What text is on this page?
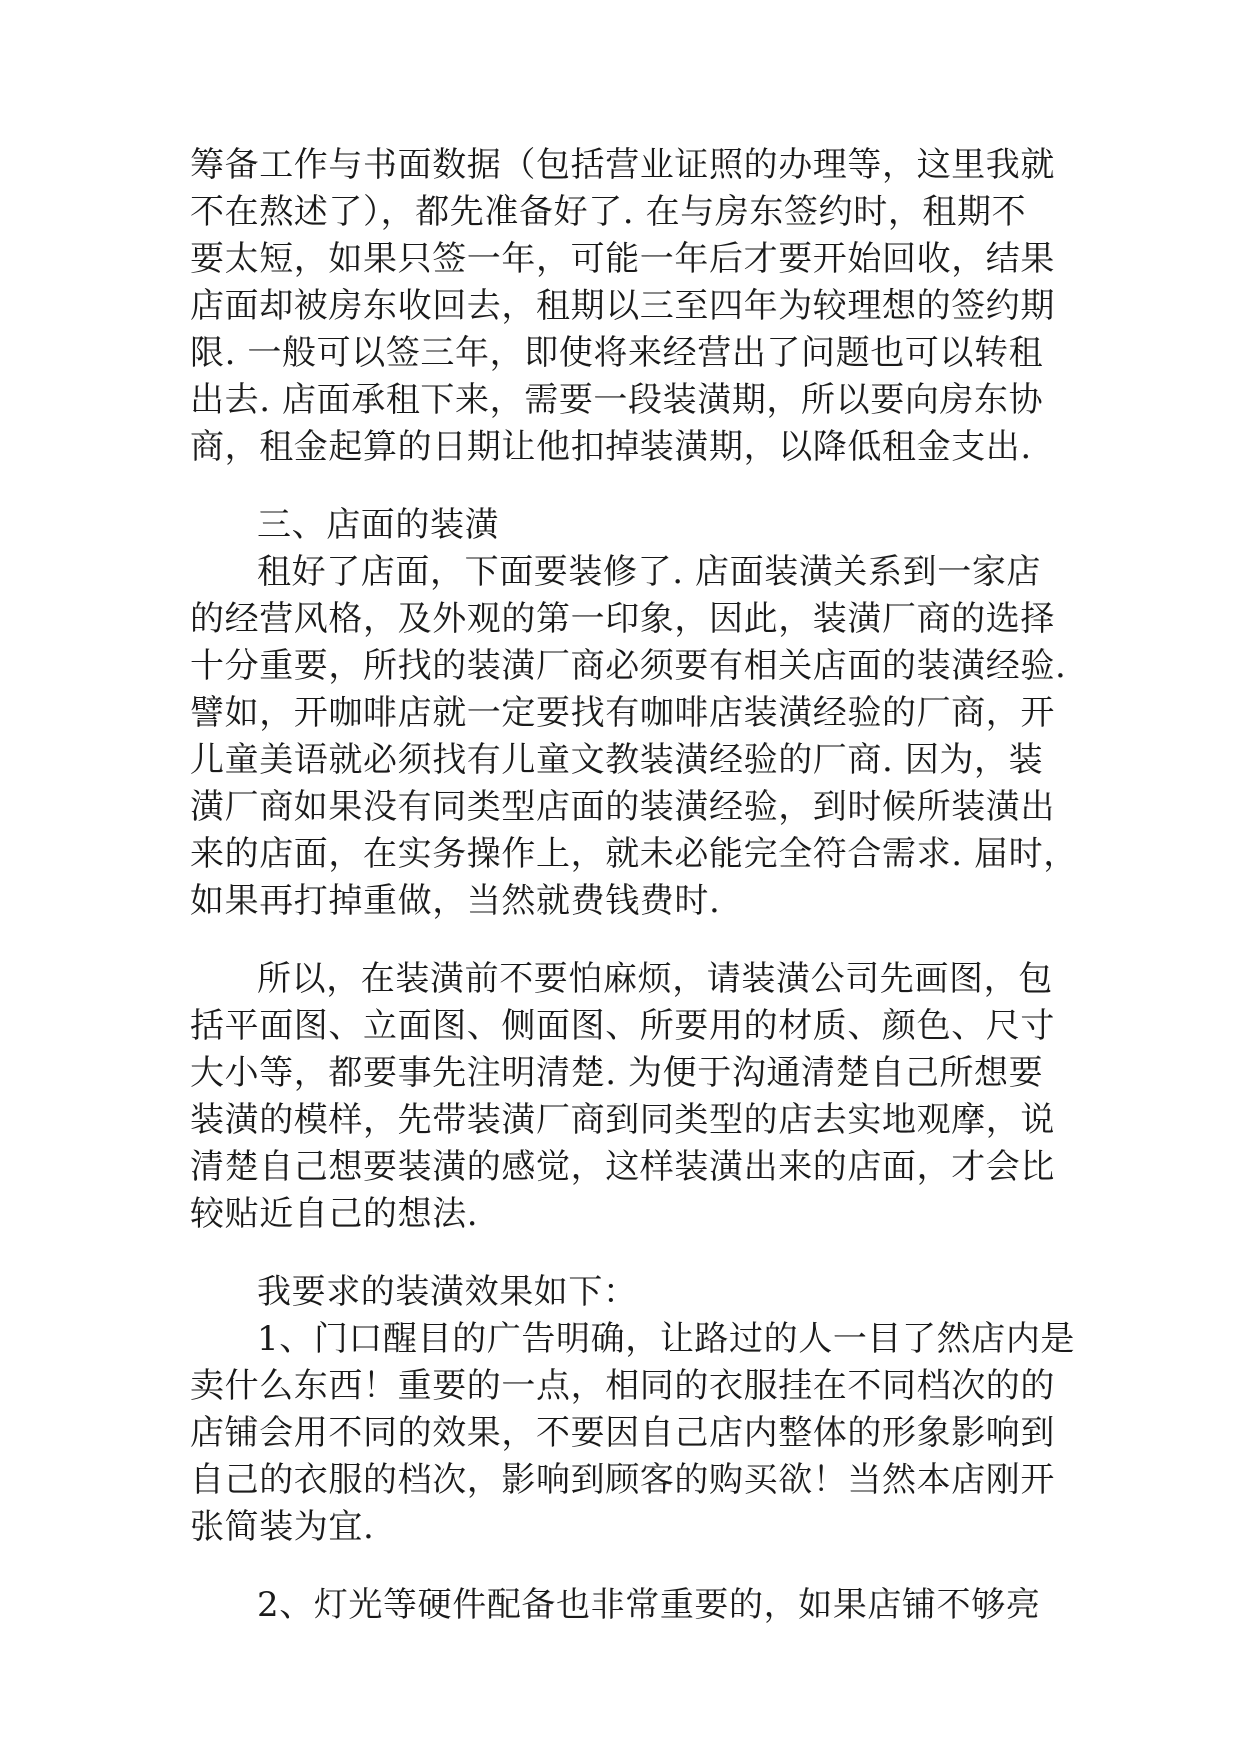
筹备工作与书面数据（包括营业证照的办理等，这里我就
不在熬述了），都先准备好了. 在与房东签约时，租期不
要太短，如果只签一年，可能一年后才要开始回收，结果
店面却被房东收回去，租期以三至四年为较理想的签约期
限. 一般可以签三年，即使将来经营出了问题也可以转租
出去. 店面承租下来，需要一段装潢期，所以要向房东协
商，租金起算的日期让他扣掉装潢期，以降低租金支出.
三、店面的装潢
租好了店面，下面要装修了. 店面装潢关系到一家店
的经营风格，及外观的第一印象，因此，装潢厂商的选择
十分重要，所找的装潢厂商必须要有相关店面的装潢经验.
譬如，开咖啡店就一定要找有咖啡店装潢经验的厂商，开
儿童美语就必须找有儿童文教装潢经验的厂商. 因为，装
潢厂商如果没有同类型店面的装潢经验，到时候所装潢出
来的店面，在实务操作上，就未必能完全符合需求. 届时，
如果再打掉重做，当然就费钱费时.
所以，在装潢前不要怕麻烦，请装潢公司先画图，包
括平面图、立面图、侧面图、所要用的材质、颜色、尺寸
大小等，都要事先注明清楚. 为便于沟通清楚自己所想要
装潢的模样，先带装潢厂商到同类型的店去实地观摩，说
清楚自己想要装潢的感觉，这样装潢出来的店面，才会比
较贴近自己的想法.
我要求的装潢效果如下：
1、门口醒目的广告明确，让路过的人一目了然店内是
卖什么东西！重要的一点，相同的衣服挂在不同档次的的
店铺会用不同的效果，不要因自己店内整体的形象影响到
自己的衣服的档次，影响到顾客的购买欲！当然本店刚开
张简装为宜.
2、灯光等硬件配备也非常重要的，如果店铺不够亮
